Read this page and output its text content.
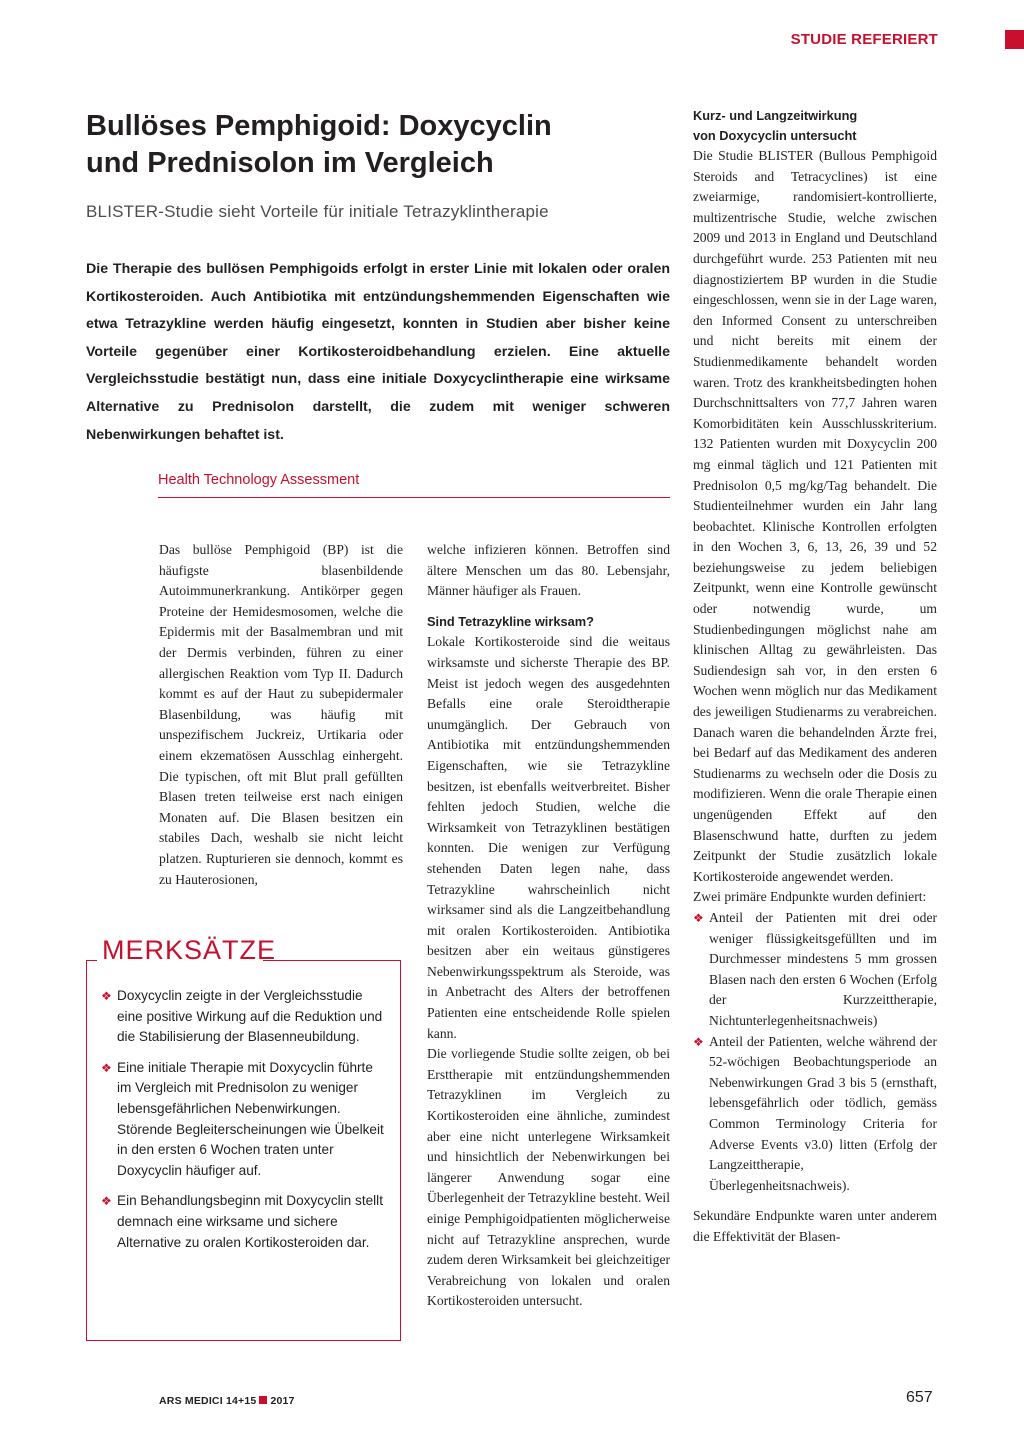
STUDIE REFERIERT
Bullöses Pemphigoid: Doxycyclin
und Prednisolon im Vergleich
BLISTER-Studie sieht Vorteile für initiale Tetrazyklintherapie

Die Therapie des bullösen Pemphigoids erfolgt in erster Linie mit lokalen oder oralen Kortikosteroiden. Auch Antibiotika mit entzündungshemmenden Eigenschaften wie etwa Tetrazykline werden häufig eingesetzt, konnten in Studien aber bisher keine Vorteile gegenüber einer Kortikosteroidbehandlung erzielen. Eine aktuelle Vergleichsstudie bestätigt nun, dass eine initiale Doxycyclintherapie eine wirksame Alternative zu Prednisolon darstellt, die zudem mit weniger schweren Nebenwirkungen behaftet ist.

Health Technology Assessment

Das bullöse Pemphigoid (BP) ist die häufigste blasenbildende Autoimmunerkrankung. Antikörper gegen Proteine der Hemidesmosomen, welche die Epidermis mit der Basalmembran und mit der Dermis verbinden, führen zu einer allergischen Reaktion vom Typ II. Dadurch kommt es auf der Haut zu subepidermaler Blasenbildung, was häufig mit unspezifischem Juckreiz, Urtikaria oder einem ekzematösen Ausschlag einhergeht. Die typischen, oft mit Blut prall gefüllten Blasen treten teilweise erst nach einigen Monaten auf. Die Blasen besitzen ein stabiles Dach, weshalb sie nicht leicht platzen. Rupturieren sie dennoch, kommt es zu Hauterosionen,

welche infizieren können. Betroffen sind ältere Menschen um das 80. Lebensjahr, Männer häufiger als Frauen.

Sind Tetrazykline wirksam?

Lokale Kortikosteroide sind die weitaus wirksamste und sicherste Therapie des BP. Meist ist jedoch wegen des ausgedehnten Befalls eine orale Steroidtherapie unumgänglich. Der Gebrauch von Antibiotika mit entzündungshemmenden Eigenschaften, wie sie Tetrazykline besitzen, ist ebenfalls weitverbreitet. Bisher fehlten jedoch Studien, welche die Wirksamkeit von Tetrazyklinen bestätigen konnten. Die wenigen zur Verfügung stehenden Daten legen nahe, dass Tetrazykline wahrscheinlich nicht wirksamer sind als die Langzeitbehandlung mit oralen Kortikosteroiden. Antibiotika besitzen aber ein weitaus günstigeres Nebenwirkungsspektrum als Steroide, was in Anbetracht des Alters der betroffenen Patienten eine entscheidende Rolle spielen kann.

Die vorliegende Studie sollte zeigen, ob bei Ersttherapie mit entzündungshemmenden Tetrazyklinen im Vergleich zu Kortikosteroiden eine ähnliche, zumindest aber eine nicht unterlegene Wirksamkeit und hinsichtlich der Nebenwirkungen bei längerer Anwendung sogar eine Überlegenheit der Tetrazykline besteht. Weil einige Pemphigoidpatienten möglicherweise nicht auf Tetrazykline ansprechen, wurde zudem deren Wirksamkeit bei gleichzeitiger Verabreichung von lokalen und oralen Kortikosteroiden untersucht.

Kurz- und Langzeitwirkung
von Doxycyclin untersucht

Die Studie BLISTER (Bullous Pemphigoid Steroids and Tetracyclines) ist eine zweiarmige, randomisiert-kontrollierte, multizentrische Studie, welche zwischen 2009 und 2013 in England und Deutschland durchgeführt wurde. 253 Patienten mit neu diagnostiziertem BP wurden in die Studie eingeschlossen, wenn sie in der Lage waren, den Informed Consent zu unterschreiben und nicht bereits mit einem der Studienmedikamente behandelt worden waren. Trotz des krankheitsbedingten hohen Durchschnittsalters von 77,7 Jahren waren Komorbiditäten kein Ausschlusskriterium. 132 Patienten wurden mit Doxycyclin 200 mg einmal täglich und 121 Patienten mit Prednisolon 0,5 mg/kg/Tag behandelt. Die Studienteilnehmer wurden ein Jahr lang beobachtet. Klinische Kontrollen erfolgten in den Wochen 3, 6, 13, 26, 39 und 52 beziehungsweise zu jedem beliebigen Zeitpunkt, wenn eine Kontrolle gewünscht oder notwendig wurde, um Studienbedingungen möglichst nahe am klinischen Alltag zu gewährleisten. Das Sudiendesign sah vor, in den ersten 6 Wochen wenn möglich nur das Medikament des jeweiligen Studienarms zu verabreichen. Danach waren die behandelnden Ärzte frei, bei Bedarf auf das Medikament des anderen Studienarms zu wechseln oder die Dosis zu modifizieren. Wenn die orale Therapie einen ungenügenden Effekt auf den Blasenschwund hatte, durften zu jedem Zeitpunkt der Studie zusätzlich lokale Kortikosteroide angewendet werden.

Zwei primäre Endpunkte wurden definiert:

❖ Anteil der Patienten mit drei oder weniger flüssigkeitsgefüllten und im Durchmesser mindestens 5 mm grossen Blasen nach den ersten 6 Wochen (Erfolg der Kurzzeittherapie, Nichtunterlegenheitsnachweis)

❖ Anteil der Patienten, welche während der 52-wöchigen Beobachtungsperiode an Nebenwirkungen Grad 3 bis 5 (ernsthaft, lebensgefährlich oder tödlich, gemäss Common Terminology Criteria for Adverse Events v3.0) litten (Erfolg der Langzeittherapie, Überlegenheitsnachweis).

Sekundäre Endpunkte waren unter anderem die Effektivität der Blasen-

MERKSÄTZE

❖ Doxycyclin zeigte in der Vergleichsstudie eine positive Wirkung auf die Reduktion und die Stabilisierung der Blasenneubildung.

❖ Eine initiale Therapie mit Doxycyclin führte im Vergleich mit Prednisolon zu weniger lebensgefährlichen Nebenwirkungen. Störende Begleiterscheinungen wie Übelkeit in den ersten 6 Wochen traten unter Doxycyclin häufiger auf.

❖ Ein Behandlungsbeginn mit Doxycyclin stellt demnach eine wirksame und sichere Alternative zu oralen Kortikosteroiden dar.

ARS MEDICI 14+15 2017	657
